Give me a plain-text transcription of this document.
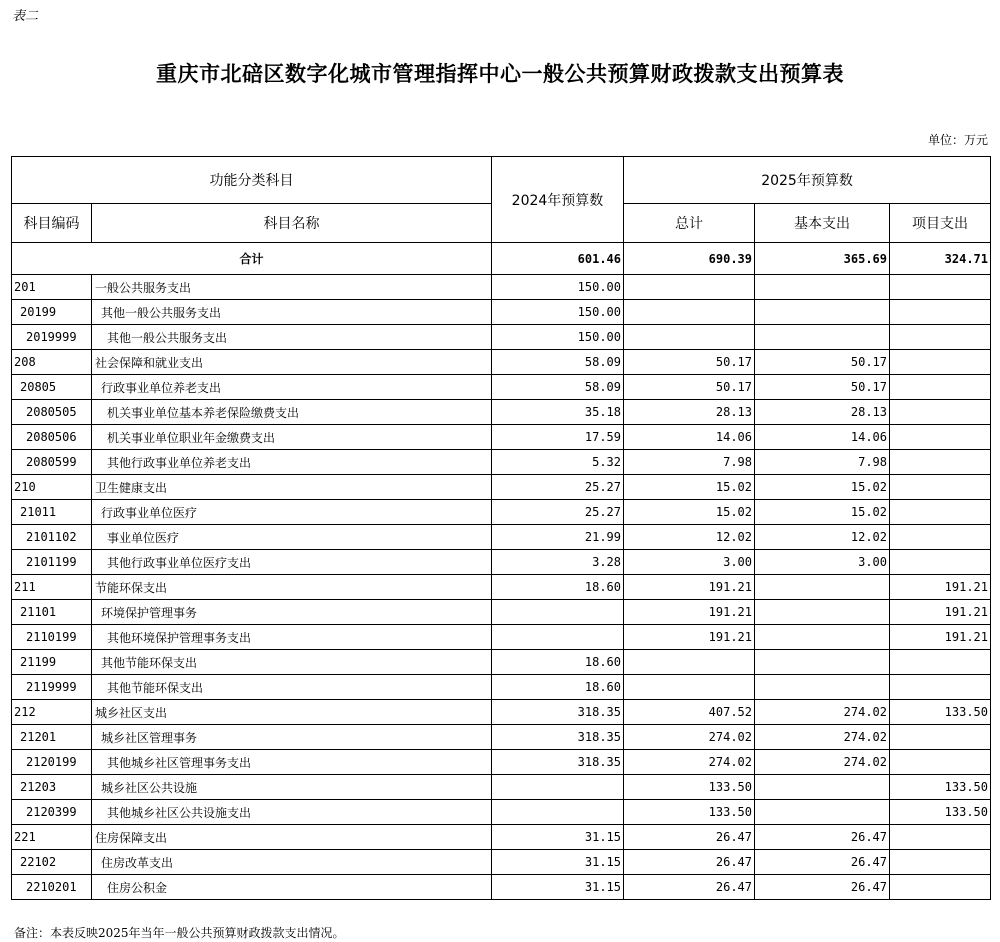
表二
重庆市北碚区数字化城市管理指挥中心一般公共预算财政拨款支出预算表
单位：万元
功能分类科目		2024年预算数	2025年预算数		
科目编码	科目名称		总计	基本支出	项目支出
合计		601.46	690.39	365.69	324.71
201	一般公共服务支出	150.00			
20199	其他一般公共服务支出	150.00			
2019999	其他一般公共服务支出	150.00			
208	社会保障和就业支出	58.09	50.17	50.17	
20805	行政事业单位养老支出	58.09	50.17	50.17	
2080505	机关事业单位基本养老保险缴费支出	35.18	28.13	28.13	
2080506	机关事业单位职业年金缴费支出	17.59	14.06	14.06	
2080599	其他行政事业单位养老支出	5.32	7.98	7.98	
210	卫生健康支出	25.27	15.02	15.02	
21011	行政事业单位医疗	25.27	15.02	15.02	
2101102	事业单位医疗	21.99	12.02	12.02	
2101199	其他行政事业单位医疗支出	3.28	3.00	3.00	
211	节能环保支出	18.60	191.21		191.21
21101	环境保护管理事务		191.21		191.21
2110199	其他环境保护管理事务支出		191.21		191.21
21199	其他节能环保支出	18.60			
2119999	其他节能环保支出	18.60			
212	城乡社区支出	318.35	407.52	274.02	133.50
21201	城乡社区管理事务	318.35	274.02	274.02	
2120199	其他城乡社区管理事务支出	318.35	274.02	274.02	
21203	城乡社区公共设施		133.50		133.50
2120399	其他城乡社区公共设施支出		133.50		133.50
221	住房保障支出	31.15	26.47	26.47	
22102	住房改革支出	31.15	26.47	26.47	
2210201	住房公积金	31.15	26.47	26.47	
备注：本表反映2025年当年一般公共预算财政拨款支出情况。
